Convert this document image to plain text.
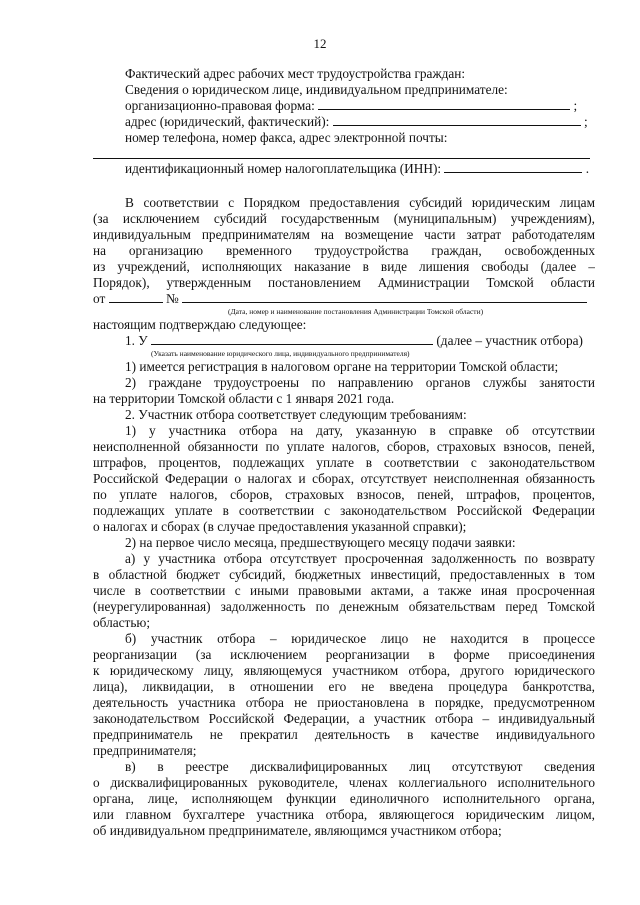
12
Фактический адрес рабочих мест трудоустройства граждан:
Сведения о юридическом лице, индивидуальном предпринимателе:
организационно-правовая форма:	;
адрес (юридический, фактический):	;
номер телефона, номер факса, адрес электронной почты:
идентификационный номер налогоплательщика (ИНН):	.
В соответствии с Порядком предоставления субсидий юридическим лицам
(за исключением субсидий государственным (муниципальным) учреждениям),
индивидуальным предпринимателям на возмещение части затрат работодателям
на организацию временного трудоустройства граждан, освобожденных
из учреждений, исполняющих наказание в виде лишения свободы (далее –
Порядок), утвержденным постановлением Администрации Томской области
от	№
(Дата, номер и наименование постановления Администрации Томской области)
настоящим подтверждаю следующее:
1. У	(далее – участник отбора)
(Указать наименование юридического лица, индивидуального предпринимателя)
1) имеется регистрация в налоговом органе на территории Томской области;
2) граждане трудоустроены по направлению органов службы занятости
на территории Томской области с 1 января 2021 года.
2. Участник отбора соответствует следующим требованиям:
1) у участника отбора на дату, указанную в справке об отсутствии
неисполненной обязанности по уплате налогов, сборов, страховых взносов, пеней,
штрафов, процентов, подлежащих уплате в соответствии с законодательством
Российской Федерации о налогах и сборах, отсутствует неисполненная обязанность
по уплате налогов, сборов, страховых взносов, пеней, штрафов, процентов,
подлежащих уплате в соответствии с законодательством Российской Федерации
о налогах и сборах (в случае предоставления указанной справки);
2) на первое число месяца, предшествующего месяцу подачи заявки:
а) у участника отбора отсутствует просроченная задолженность по возврату
в областной бюджет субсидий, бюджетных инвестиций, предоставленных в том
числе в соответствии с иными правовыми актами, а также иная просроченная
(неурегулированная) задолженность по денежным обязательствам перед Томской
областью;
б) участник отбора – юридическое лицо не находится в процессе
реорганизации (за исключением реорганизации в форме присоединения
к юридическому лицу, являющемуся участником отбора, другого юридического
лица), ликвидации, в отношении его не введена процедура банкротства,
деятельность участника отбора не приостановлена в порядке, предусмотренном
законодательством Российской Федерации, а участник отбора – индивидуальный
предприниматель не прекратил деятельность в качестве индивидуального
предпринимателя;
в) в реестре дисквалифицированных лиц отсутствуют сведения
о дисквалифицированных руководителе, членах коллегиального исполнительного
органа, лице, исполняющем функции единоличного исполнительного органа,
или главном бухгалтере участника отбора, являющегося юридическим лицом,
об индивидуальном предпринимателе, являющимся участником отбора;
